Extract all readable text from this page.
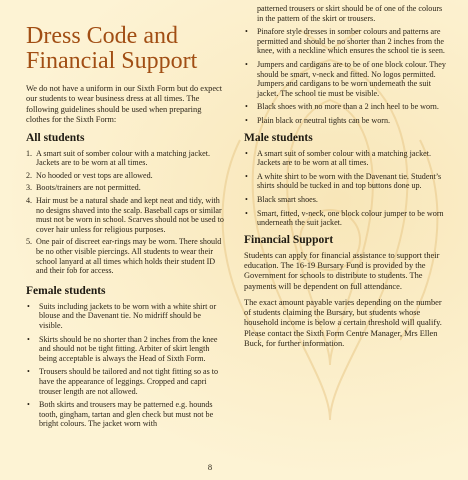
Dress Code and Financial Support

We do not have a uniform in our Sixth Form but do expect our students to wear business dress at all times. The following guidelines should be used when preparing clothes for the Sixth Form:

All students
1. A smart suit of somber colour with a matching jacket. Jackets are to be worn at all times.
2. No hooded or vest tops are allowed.
3. Boots/trainers are not permitted.
4. Hair must be a natural shade and kept neat and tidy, with no designs shaved into the scalp. Baseball caps or similar must not be worn in school. Scarves should not be used to cover hair unless for religious purposes.
5. One pair of discreet ear-rings may be worn. There should be no other visible piercings. All students to wear their school lanyard at all times which holds their student ID and their fob for access.
Female students
•	Suits including jackets to be worn with a white shirt or blouse and the Davenant tie. No midriff should be visible.
•	Skirts should be no shorter than 2 inches from the knee and should not be tight fitting. Arbiter of skirt length being acceptable is always the Head of Sixth Form.
•	Trousers should be tailored and not tight fitting so as to have the appearance of leggings. Cropped and capri trouser length are not allowed.
•	Both skirts and trousers may be patterned e.g. hounds tooth, gingham, tartan and glen check but must not be bright colours. The jacket worn with

patterned trousers or skirt should be of one of the colours in the pattern of the skirt or trousers.

•	Pinafore style dresses in somber colours and patterns are permitted and should be no shorter than 2 inches from the knee, with a neckline which ensures the school tie is seen.
•	Jumpers and cardigans are to be of one block colour. They should be smart, v-neck and fitted. No logos permitted. Jumpers and cardigans to be worn underneath the suit jacket. The school tie must be visible.
•	Black shoes with no more than a 2 inch heel to be worn.
•	Plain black or neutral tights can be worn.
Male students
•	A smart suit of somber colour with a matching jacket. Jackets are to be worn at all times.
•	A white shirt to be worn with the Davenant tie. Student’s shirts should be tucked in and top buttons done up.
•	Black smart shoes.
•	Smart, fitted, v-neck, one block colour jumper to be worn underneath the suit jacket.
Financial Support

Students can apply for financial assistance to support their education. The 16-19 Bursary Fund is provided by the Government for schools to distribute to students. The payments will be dependent on full attendance.

The exact amount payable varies depending on the number of students claiming the Bursary, but students whose household income is below a certain threshold will qualify. Please contact the Sixth Form Centre Manager, Mrs Ellen Buck, for further information.

8
